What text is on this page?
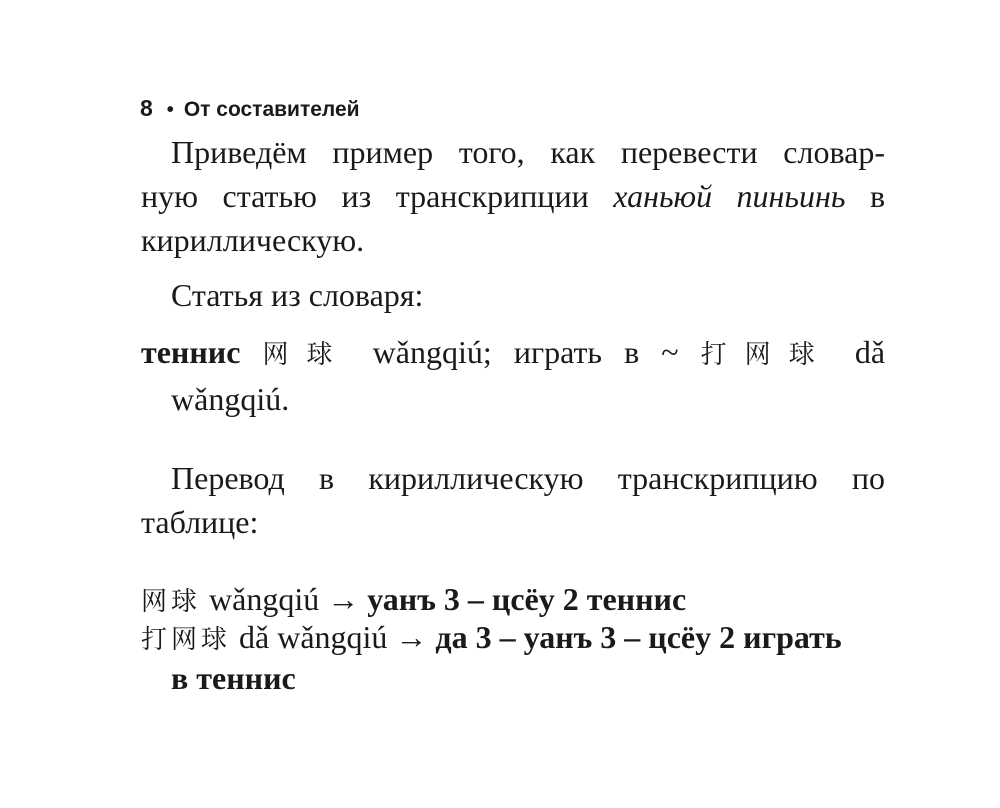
8 • От составителей
Приведём пример того, как перевести словар-
ную статью из транскрипции ханьюй пиньинь в
кириллическую.
Статья из словаря:
теннис 网球 wǎngqiú; играть в ~ 打网球 dǎ
wǎngqiú.
Перевод в кириллическую транскрипцию по
таблице:
网球 wǎngqiú → уанъ 3 – цсёу 2 теннис
打网球 dǎ wǎngqiú → да 3 – уанъ 3 – цсёу 2 играть
в теннис
